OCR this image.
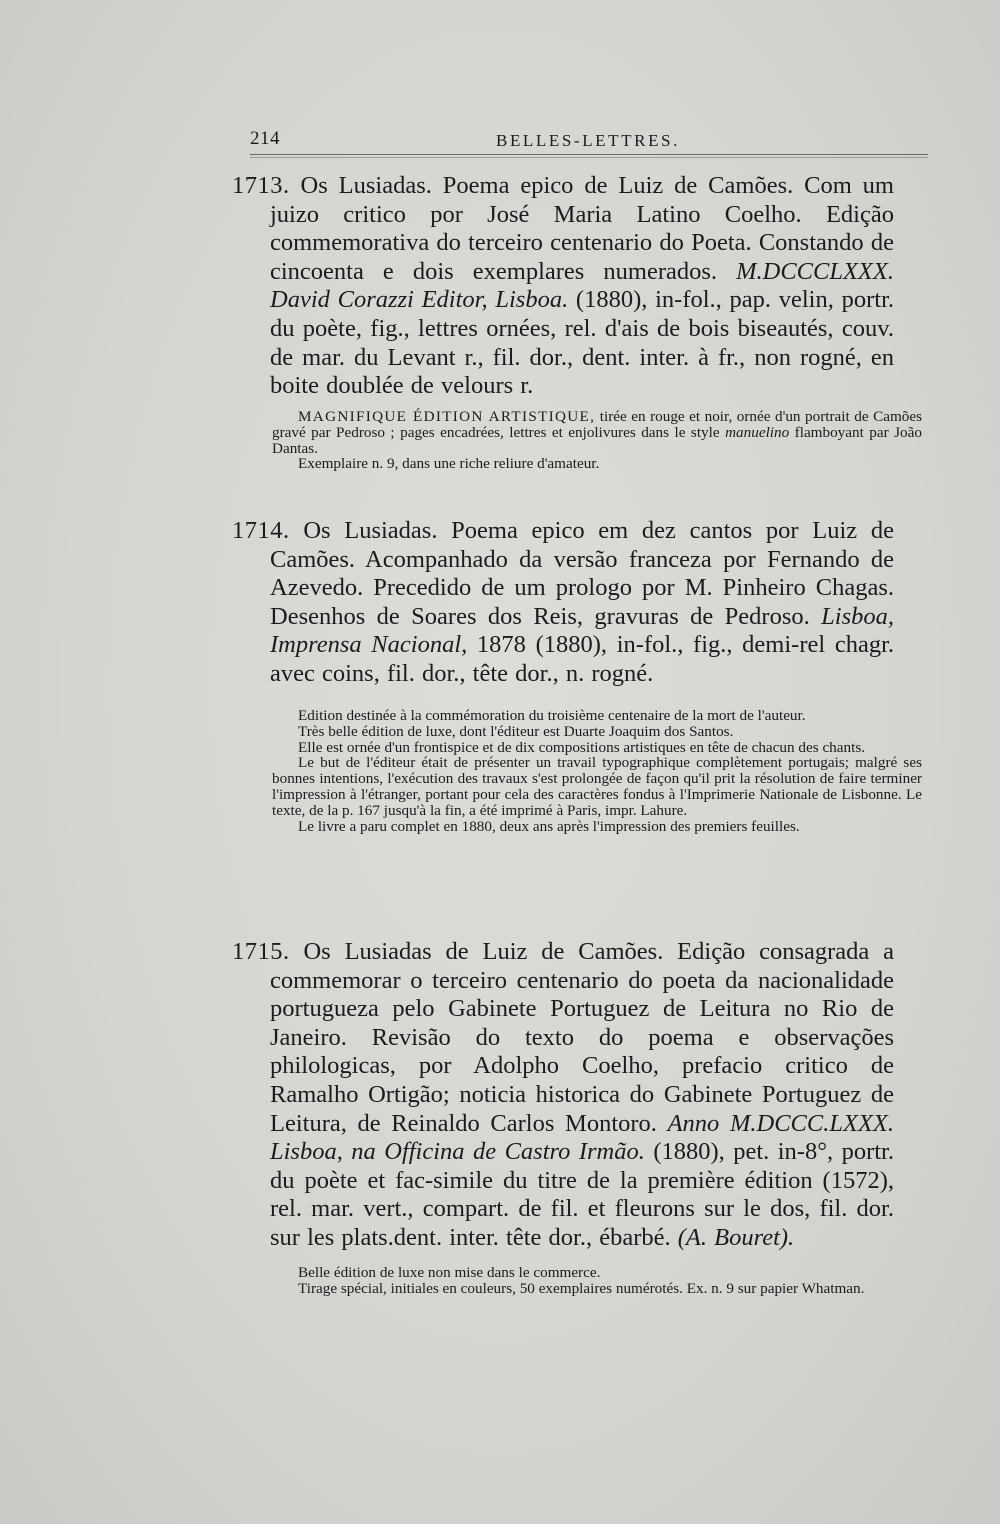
214	BELLES-LETTRES.
1713. Os Lusiadas. Poema epico de Luiz de Camões. Com um juizo critico por José Maria Latino Coelho. Edição commemorativa do terceiro centenario do Poeta. Constando de cincoenta e dois exemplares numerados. M.DCCCLXXX. David Corazzi Editor, Lisboa. (1880), in-fol., pap. velin, portr. du poète, fig., lettres ornées, rel. d'ais de bois biseautés, couv. de mar. du Levant r., fil. dor., dent. inter. à fr., non rogné, en boite doublée de velours r.

MAGNIFIQUE ÉDITION ARTISTIQUE, tirée en rouge et noir, ornée d'un portrait de Camões gravé par Pedroso ; pages encadrées, lettres et enjolivures dans le style manuelino flamboyant par João Dantas.

Exemplaire n. 9, dans une riche reliure d'amateur.

1714. Os Lusiadas. Poema epico em dez cantos por Luiz de Camões. Acompanhado da versão franceza por Fernando de Azevedo. Precedido de um prologo por M. Pinheiro Chagas. Desenhos de Soares dos Reis, gravuras de Pedroso. Lisboa, Imprensa Nacional, 1878 (1880), in-fol., fig., demi-rel chagr. avec coins, fil. dor., tête dor., n. rogné.

Edition destinée à la commémoration du troisième centenaire de la mort de l'auteur.

Très belle édition de luxe, dont l'éditeur est Duarte Joaquim dos Santos.

Elle est ornée d'un frontispice et de dix compositions artistiques en tête de chacun des chants.

Le but de l'éditeur était de présenter un travail typographique complètement portugais; malgré ses bonnes intentions, l'exécution des travaux s'est prolongée de façon qu'il prit la résolution de faire terminer l'impression à l'étranger, portant pour cela des caractères fondus à l'Imprimerie Nationale de Lisbonne. Le texte, de la p. 167 jusqu'à la fin, a été imprimé à Paris, impr. Lahure.

Le livre a paru complet en 1880, deux ans après l'impression des premiers feuilles.

1715. Os Lusiadas de Luiz de Camões. Edição consagrada a commemorar o terceiro centenario do poeta da nacionalidade portugueza pelo Gabinete Portuguez de Leitura no Rio de Janeiro. Revisão do texto do poema e observações philologicas, por Adolpho Coelho, prefacio critico de Ramalho Ortigão; noticia historica do Gabinete Portuguez de Leitura, de Reinaldo Carlos Montoro. Anno M.DCCC.LXXX. Lisboa, na Officina de Castro Irmão. (1880), pet. in-8°, portr. du poète et fac-simile du titre de la première édition (1572), rel. mar. vert., compart. de fil. et fleurons sur le dos, fil. dor. sur les plats.dent. inter. tête dor., ébarbé. (A. Bouret).

Belle édition de luxe non mise dans le commerce.

Tirage spécial, initiales en couleurs, 50 exemplaires numérotés. Ex. n. 9 sur papier Whatman.
